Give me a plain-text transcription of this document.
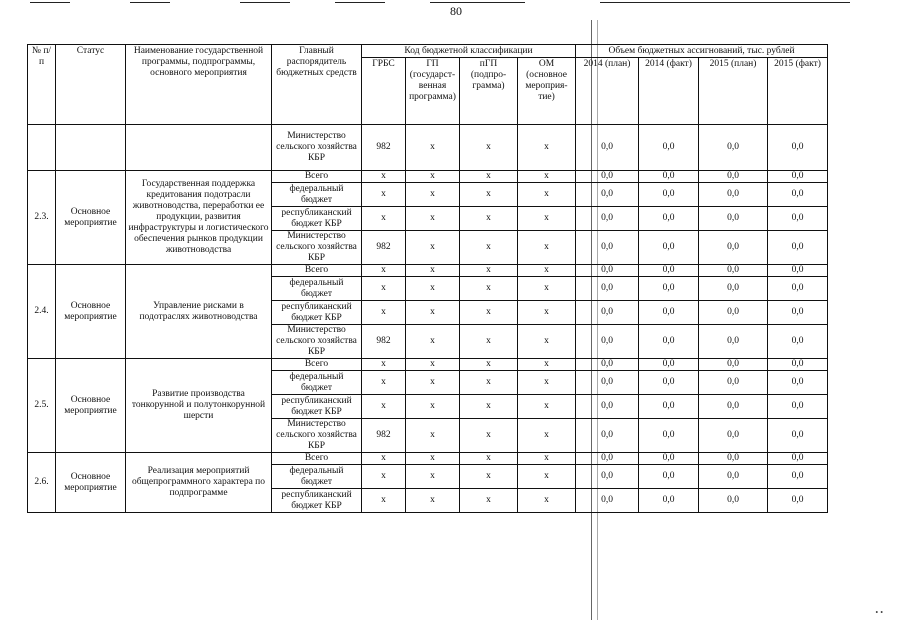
80
№ п/п	Статус	Наименование государственной программы, подпрограммы, основного мероприятия	Главный распорядитель бюджетных средств	Код бюджетной классификации				Объем бюджетных ассигнований, тыс. рублей			
				ГРБС	ГП (государст-венная программа)	пГП (подпро-грамма)	ОМ (основное мероприя-тие)	2014 (план)	2014 (факт)	2015 (план)	2015 (факт)
			Министерство сельского хозяйства КБР	982	x	x	x	0,0	0,0	0,0	0,0
2.3.	Основное мероприятие	Государственная поддержка кредитования подотрасли животноводства, переработки ее продукции, развития инфраструктуры и логистического обеспечения рынков продукции животноводства	Всего	x	x	x	x	0,0	0,0	0,0	0,0
			федеральный бюджет	x	x	x	x	0,0	0,0	0,0	0,0
			республиканский бюджет КБР	x	x	x	x	0,0	0,0	0,0	0,0
			Министерство сельского хозяйства КБР	982	x	x	x	0,0	0,0	0,0	0,0
2.4.	Основное мероприятие	Управление рисками в подотраслях животноводства	Всего	x	x	x	x	0,0	0,0	0,0	0,0
			федеральный бюджет	x	x	x	x	0,0	0,0	0,0	0,0
			республиканский бюджет КБР	x	x	x	x	0,0	0,0	0,0	0,0
			Министерство сельского хозяйства КБР	982	x	x	x	0,0	0,0	0,0	0,0
2.5.	Основное мероприятие	Развитие производства тонкорунной и полутонкорунной шерсти	Всего	x	x	x	x	0,0	0,0	0,0	0,0
			федеральный бюджет	x	x	x	x	0,0	0,0	0,0	0,0
			республиканский бюджет КБР	x	x	x	x	0,0	0,0	0,0	0,0
			Министерство сельского хозяйства КБР	982	x	x	x	0,0	0,0	0,0	0,0
2.6.	Основное мероприятие	Реализация мероприятий общепрограммного характера по подпрограмме	Всего	x	x	x	x	0,0	0,0	0,0	0,0
			федеральный бюджет	x	x	x	x	0,0	0,0	0,0	0,0
			республиканский бюджет КБР	x	x	x	x	0,0	0,0	0,0	0,0
• •
